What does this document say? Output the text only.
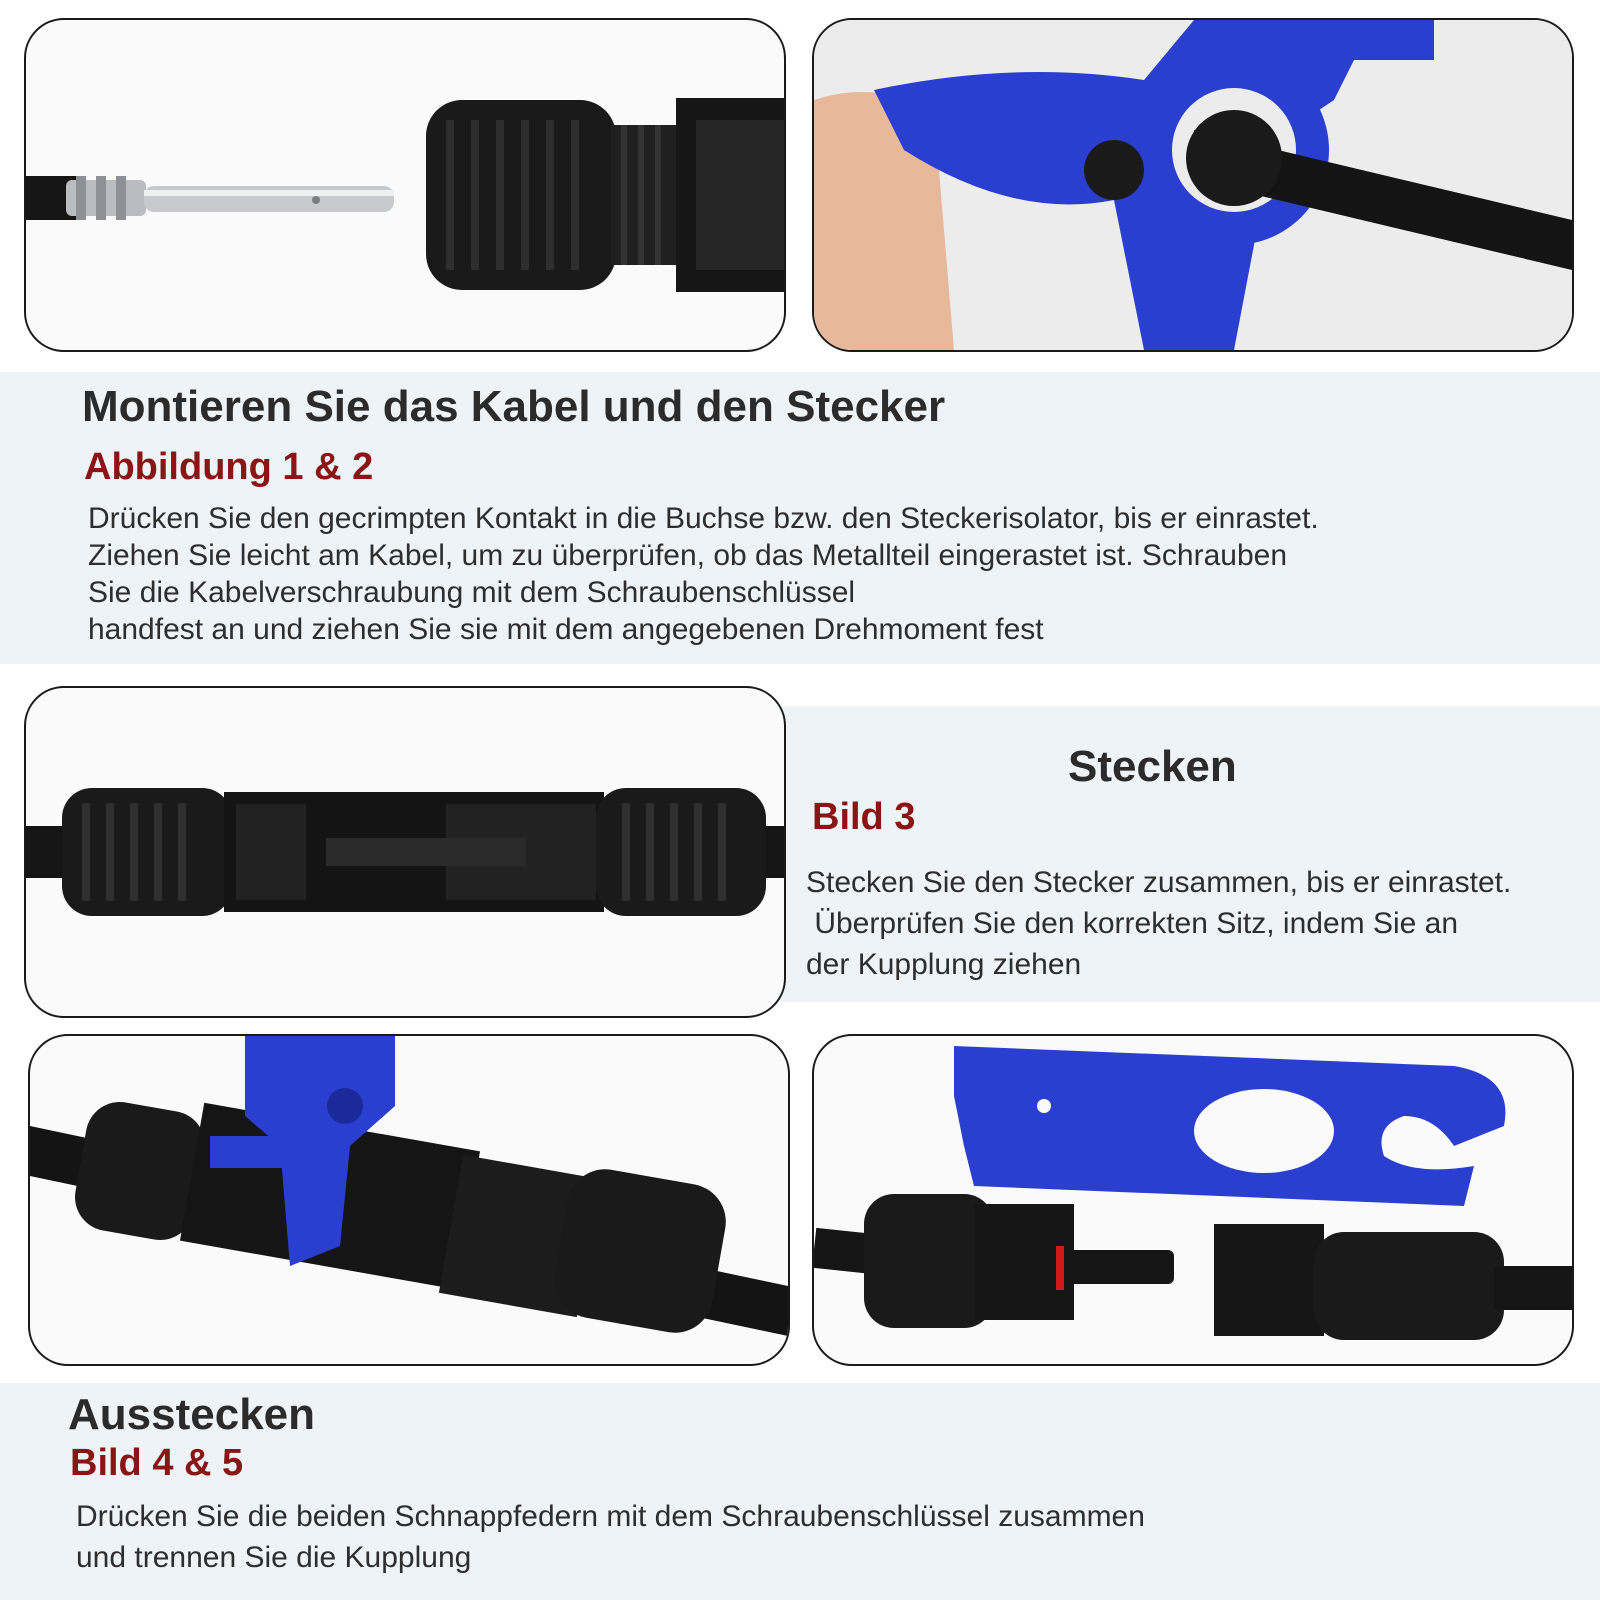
Montieren Sie das Kabel und den Stecker
Abbildung 1 & 2
Drücken Sie den gecrimpten Kontakt in die Buchse bzw. den Steckerisolator, bis er einrastet.
Ziehen Sie leicht am Kabel, um zu überprüfen, ob das Metallteil eingerastet ist. Schrauben
Sie die Kabelverschraubung mit dem Schraubenschlüssel
handfest an und ziehen Sie sie mit dem angegebenen Drehmoment fest
Stecken
Bild 3
Stecken Sie den Stecker zusammen, bis er einrastet.
Überprüfen Sie den korrekten Sitz, indem Sie an
der Kupplung ziehen
Ausstecken
Bild 4 & 5
Drücken Sie die beiden Schnappfedern mit dem Schraubenschlüssel zusammen
und trennen Sie die Kupplung
